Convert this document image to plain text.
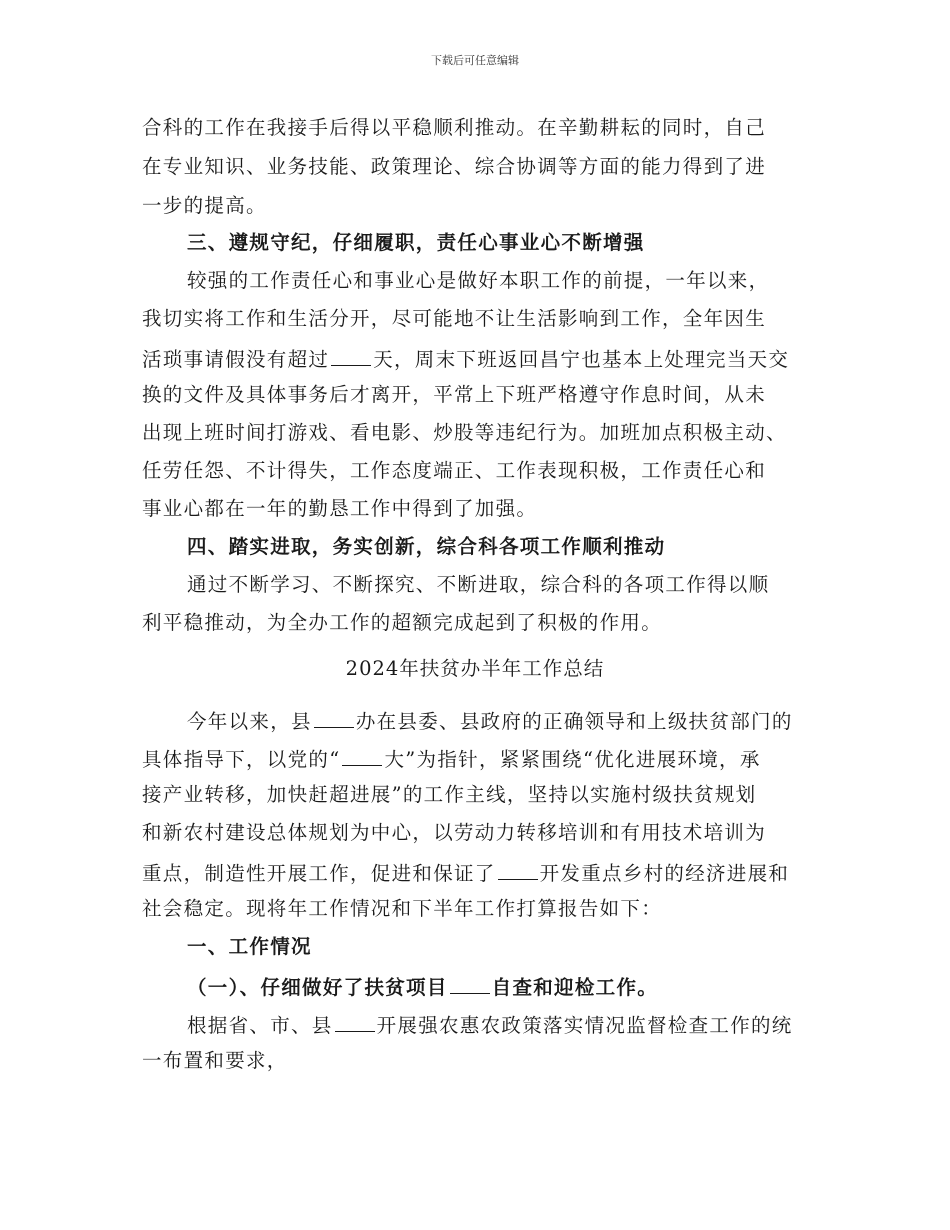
下载后可任意编辑
合科的工作在我接手后得以平稳顺利推动。在辛勤耕耘的同时，自己
在专业知识、业务技能、政策理论、综合协调等方面的能力得到了进
一步的提高。
三、遵规守纪，仔细履职，责任心事业心不断增强
较强的工作责任心和事业心是做好本职工作的前提，一年以来，
我切实将工作和生活分开，尽可能地不让生活影响到工作，全年因生
活琐事请假没有超过 天，周末下班返回昌宁也基本上处理完当天交
换的文件及具体事务后才离开，平常上下班严格遵守作息时间，从未
出现上班时间打游戏、看电影、炒股等违纪行为。加班加点积极主动、
任劳任怨、不计得失，工作态度端正、工作表现积极，工作责任心和
事业心都在一年的勤恳工作中得到了加强。
四、踏实进取，务实创新，综合科各项工作顺利推动
通过不断学习、不断探究、不断进取，综合科的各项工作得以顺
利平稳推动，为全办工作的超额完成起到了积极的作用。
2024年扶贫办半年工作总结
今年以来，县 办在县委、县政府的正确领导和上级扶贫部门的
具体指导下，以党的“ 大”为指针，紧紧围绕“优化进展环境，承
接产业转移，加快赶超进展”的工作主线，坚持以实施村级扶贫规划
和新农村建设总体规划为中心，以劳动力转移培训和有用技术培训为
重点，制造性开展工作，促进和保证了 开发重点乡村的经济进展和
社会稳定。现将年工作情况和下半年工作打算报告如下：
一、工作情况
（一）、仔细做好了扶贫项目 自查和迎检工作。
根据省、市、县 开展强农惠农政策落实情况监督检查工作的统
一布置和要求，
